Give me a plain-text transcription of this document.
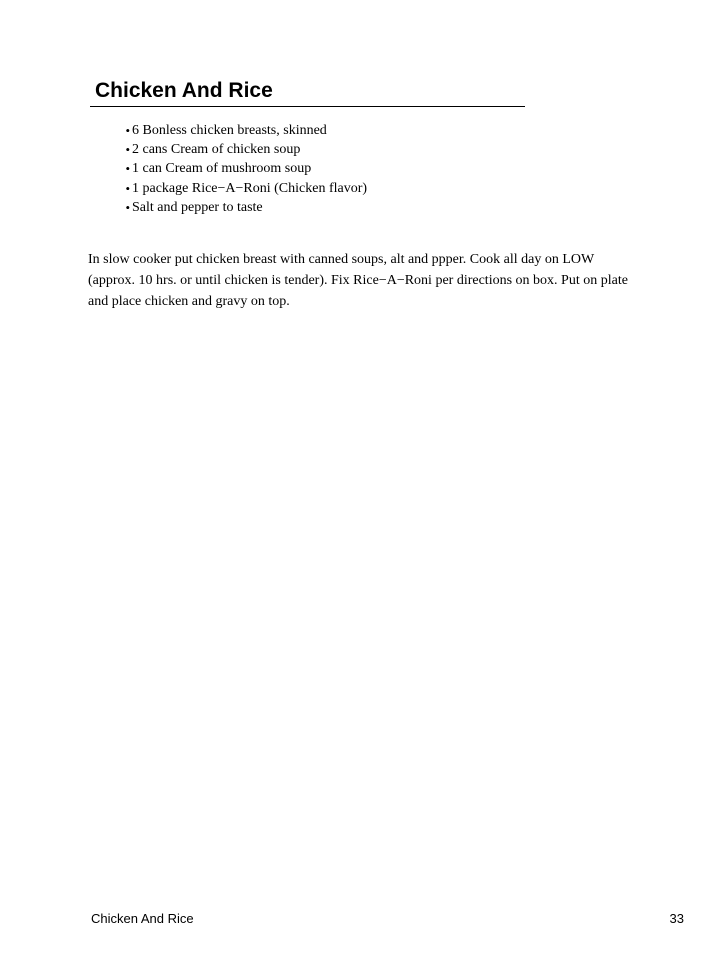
Chicken And Rice
• 6 Bonless chicken breasts, skinned
• 2 cans Cream of chicken soup
• 1 can Cream of mushroom soup
• 1 package Rice−A−Roni (Chicken flavor)
• Salt and pepper to taste

In slow cooker put chicken breast with canned soups, alt and ppper. Cook all day on LOW (approx. 10 hrs. or until chicken is tender). Fix Rice−A−Roni per directions on box. Put on plate and place chicken and gravy on top.

Chicken And Rice	33
